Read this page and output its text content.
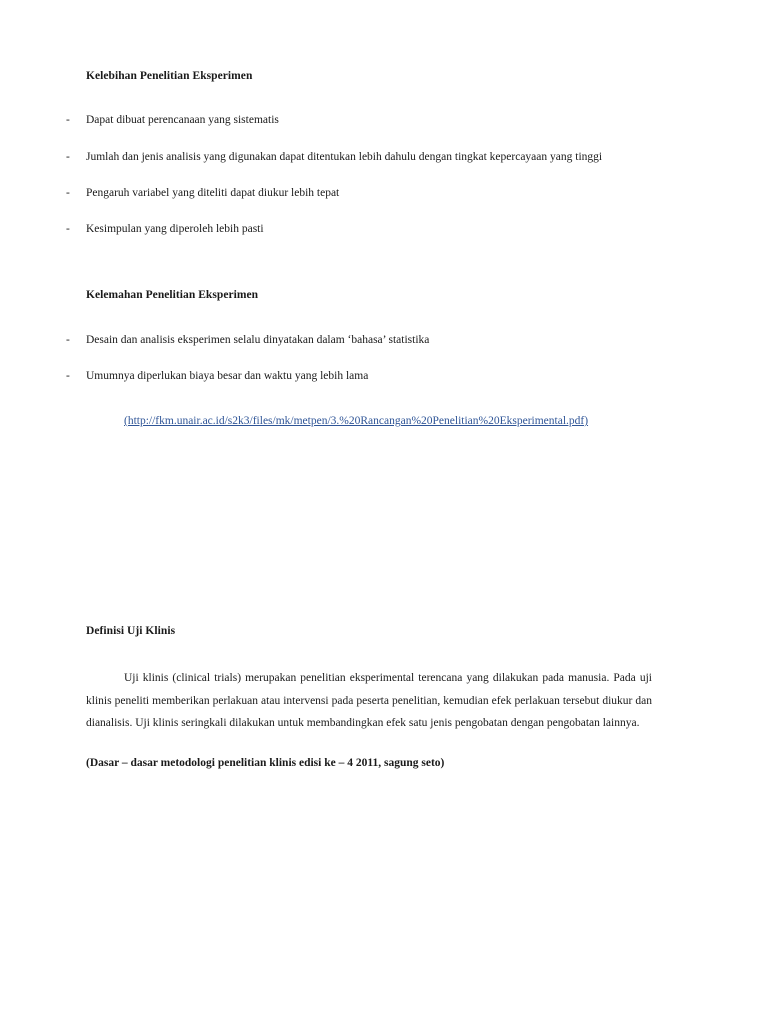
Kelebihan Penelitian Eksperimen
- Dapat dibuat perencanaan yang sistematis
- Jumlah dan jenis analisis yang digunakan dapat ditentukan lebih dahulu dengan tingkat kepercayaan yang tinggi
- Pengaruh variabel yang diteliti dapat diukur lebih tepat
- Kesimpulan yang diperoleh lebih pasti
Kelemahan Penelitian Eksperimen
- Desain dan analisis eksperimen selalu dinyatakan dalam ‘bahasa’ statistika
- Umumnya diperlukan biaya besar dan waktu yang lebih lama
(http://fkm.unair.ac.id/s2k3/files/mk/metpen/3.%20Rancangan%20Penelitian%20Eksperimental.pdf)
Definisi Uji Klinis
Uji klinis (clinical trials) merupakan penelitian eksperimental terencana yang dilakukan pada manusia. Pada uji klinis peneliti memberikan perlakuan atau intervensi pada peserta penelitian, kemudian efek perlakuan tersebut diukur dan dianalisis. Uji klinis seringkali dilakukan untuk membandingkan efek satu jenis pengobatan dengan pengobatan lainnya.
(Dasar – dasar metodologi penelitian klinis edisi ke – 4 2011, sagung seto)
